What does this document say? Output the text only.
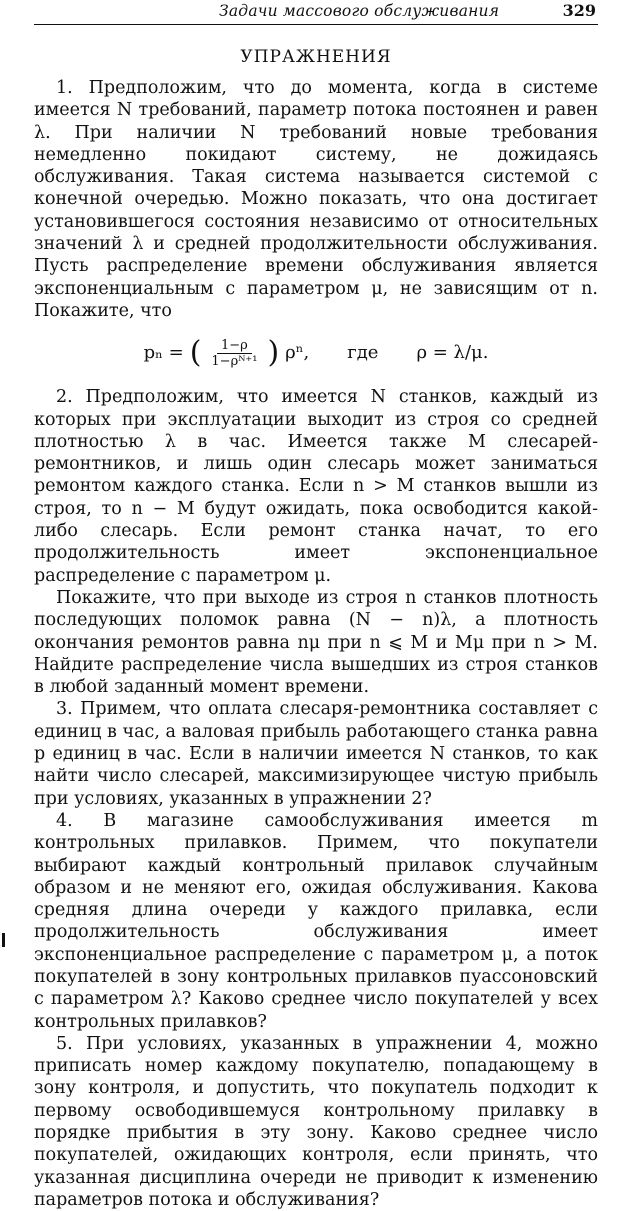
Задачи массового обслуживания	329
УПРАЖНЕНИЯ

1. Предположим, что до момента, когда в системе имеется N требований, параметр потока постоянен и равен λ. При наличии N требований новые требования немедленно покидают систему, не дожидаясь обслуживания. Такая система называется системой с конечной очередью. Можно показать, что она достигает установившегося состояния независимо от относительных значений λ и средней продолжительности обслуживания. Пусть распределение времени обслуживания является экспоненциальным с параметром μ, не зависящим от n. Покажите, что

pₙ = ( $\frac{1-\rho}{\text{1−ρᴺ⁺¹}}$ ) ρⁿ, где ρ = λ/μ.

2. Предположим, что имеется N станков, каждый из которых при эксплуатации выходит из строя со средней плотностью λ в час. Имеется также M слесарей-ремонтников, и лишь один слесарь может заниматься ремонтом каждого станка. Если n > M станков вышли из строя, то n − M будут ожидать, пока освободится какой-либо слесарь. Если ремонт станка начат, то его продолжительность имеет экспоненциальное распределение с параметром μ.

Покажите, что при выходе из строя n станков плотность последующих поломок равна (N − n)λ, а плотность окончания ремонтов равна nμ при n ⩽ M и Mμ при n > M. Найдите распределение числа вышедших из строя станков в любой заданный момент времени.

3. Примем, что оплата слесаря-ремонтника составляет c единиц в час, а валовая прибыль работающего станка равна p единиц в час. Если в наличии имеется N станков, то как найти число слесарей, максимизирующее чистую прибыль при условиях, указанных в упражнении 2?

4. В магазине самообслуживания имеется m контрольных прилавков. Примем, что покупатели выбирают каждый контрольный прилавок случайным образом и не меняют его, ожидая обслуживания. Какова средняя длина очереди у каждого прилавка, если продолжительность обслуживания имеет экспоненциальное распределение с параметром μ, а поток покупателей в зону контрольных прилавков пуассоновский с параметром λ? Каково среднее число покупателей у всех контрольных прилавков?

5. При условиях, указанных в упражнении 4, можно приписать номер каждому покупателю, попадающему в зону контроля, и допустить, что покупатель подходит к первому освободившемуся контрольному прилавку в порядке прибытия в эту зону. Каково среднее число покупателей, ожидающих контроля, если принять, что указанная дисциплина очереди не приводит к изменению параметров потока и обслуживания?
